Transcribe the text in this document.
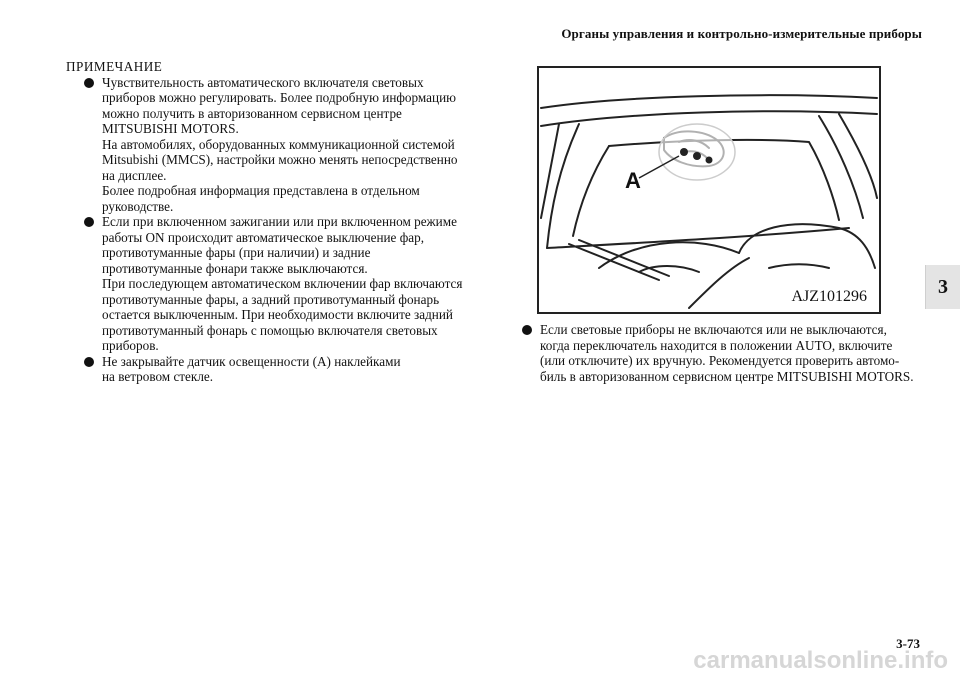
Органы управления и контрольно-измерительные приборы
3
ПРИМЕЧАНИЕ
Чувствительность автоматического включателя световых
приборов можно регулировать. Более подробную информацию
можно получить в авторизованном сервисном центре
MITSUBISHI MOTORS.
На автомобилях, оборудованных коммуникационной системой
Mitsubishi (MMCS), настройки можно менять непосредственно
на дисплее.
Более подробная информация представлена в отдельном
руководстве.
Если при включенном зажигании или при включенном режиме
работы ON происходит автоматическое выключение фар,
противотуманные фары (при наличии) и задние
противотуманные фонари также выключаются.
При последующем автоматическом включении фар включаются
противотуманные фары, а задний противотуманный фонарь
остается выключенным. При необходимости включите задний
противотуманный фонарь с помощью включателя световых
приборов.
Не закрывайте датчик освещенности (A) наклейками
на ветровом стекле.
A
AJZ101296
Если световые приборы не включаются или не выключаются,
когда переключатель находится в положении AUTO, включите
(или отключите) их вручную. Рекомендуется проверить автомо-
биль в авторизованном сервисном центре MITSUBISHI MOTORS.
3-73
carmanualsonline.info
